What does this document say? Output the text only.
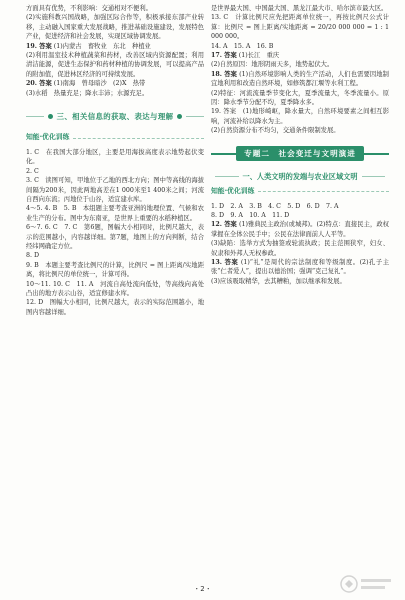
方面具有优势，不利影响：交通相对不便利。

(2)实施科教兴国战略，加强区际合作等，积极承接东部产业转移，主动融入国家重大发展战略，推进基础设施建设，发展特色产业，促进经济和社会发展，实现区域协调发展。

19. 答案 (1)内蒙古　畜牧业　东北　种植业

(2)利用温室技术种植蔬菜和药材，改善区域内资源配置；利用清洁能源，促进生态保护和药材种植的协调发展，可以提高产品的附加值，促进林区经济的可持续发展。

20. 答案 (1)南海　曾母暗沙　(2)X　热带

(3)水稻　热量充足；降水丰沛；水源充足。

三、相关信息的获取、表达与理解
知能·优化训练

1. C　在我国大部分地区，主要是用海拔高度表示地势起伏变化。

2. C

3. C　读图可知，甲地位于乙地的西北方向；图中等高线的海拔间隔为200米，因此两地高差在1 000米至1 400米之间；河流自西向东流；丙地位于山谷，适宜建水库。

4～5. 4. B　5. B　本组题主要考查亚洲的地理位置、气候和农业生产的分布。图中为东南亚，是世界上重要的水稻种植区。

6～7. 6. C　7. C　第6题，图幅大小相同时，比例尺越大，表示的范围越小，内容越详细。第7题，地图上的方向判断，结合经纬网确定方位。

8. D

9. B　本题主要考查比例尺的计算，比例尺 = 图上距离/实地距离，将比例尺的单位统一，计算可得。

10～11. 10. C　11. A　河流自高处流向低处，等高线向高处凸出的地方表示山谷，适宜修建水库。

12. D　图幅大小相同，比例尺越大，表示的实际范围越小，地图内容越详细。

是世界最大国、中国最大国、黑龙江最大市、哈尔滨市最大区。

13. C　计算比例尺应先把距离单位统一，再按比例尺公式计算：比例尺 = 图上距离/实地距离 = 20/20 000 000 = 1 : 1 000 000。

14. A　15. A　16. B

17. 答案 (1)长江　重庆

(2)自然原因：地形阴雨天多，地势起伏大。

18. 答案 (1)自然环境影响人类的生产活动，人们也需要因地制宜地利用和改造自然环境，如修筑都江堰等水利工程。

(2)特征：河流流量季节变化大，夏季流量大，冬季流量小。原因：降水季节分配不均，夏季降水多。

19. 答案　(1)地形崎岖，降水量大，自然环境要素之间相互影响，河流补给以降水为主。

(2)自然资源分布不均匀，交通条件限制发展。

专题二　社会变迁与文明演进
一、人类文明的发端与农业区域文明
知能·优化训练

1. D　2. A　3. B　4. C　5. D　6. D　7. A

8. D　9. A　10. A　11. D

12. 答案 (1)雅典民主政治(或城邦)。(2)特点：直接民主，政权掌握在全体公民手中；公民在法律面前人人平等。

(3)缺陷：选举方式为抽签或轮流执政；民主范围狭窄，妇女、奴隶和外邦人无权参政。

13. 答案 (1)“礼”是周代的宗法制度和等级制度。(2)孔子主张“仁者爱人”，提出以德治国；强调“克己复礼”。

(3)应该吸取精华，去其糟粕，加以继承和发展。

・2・
